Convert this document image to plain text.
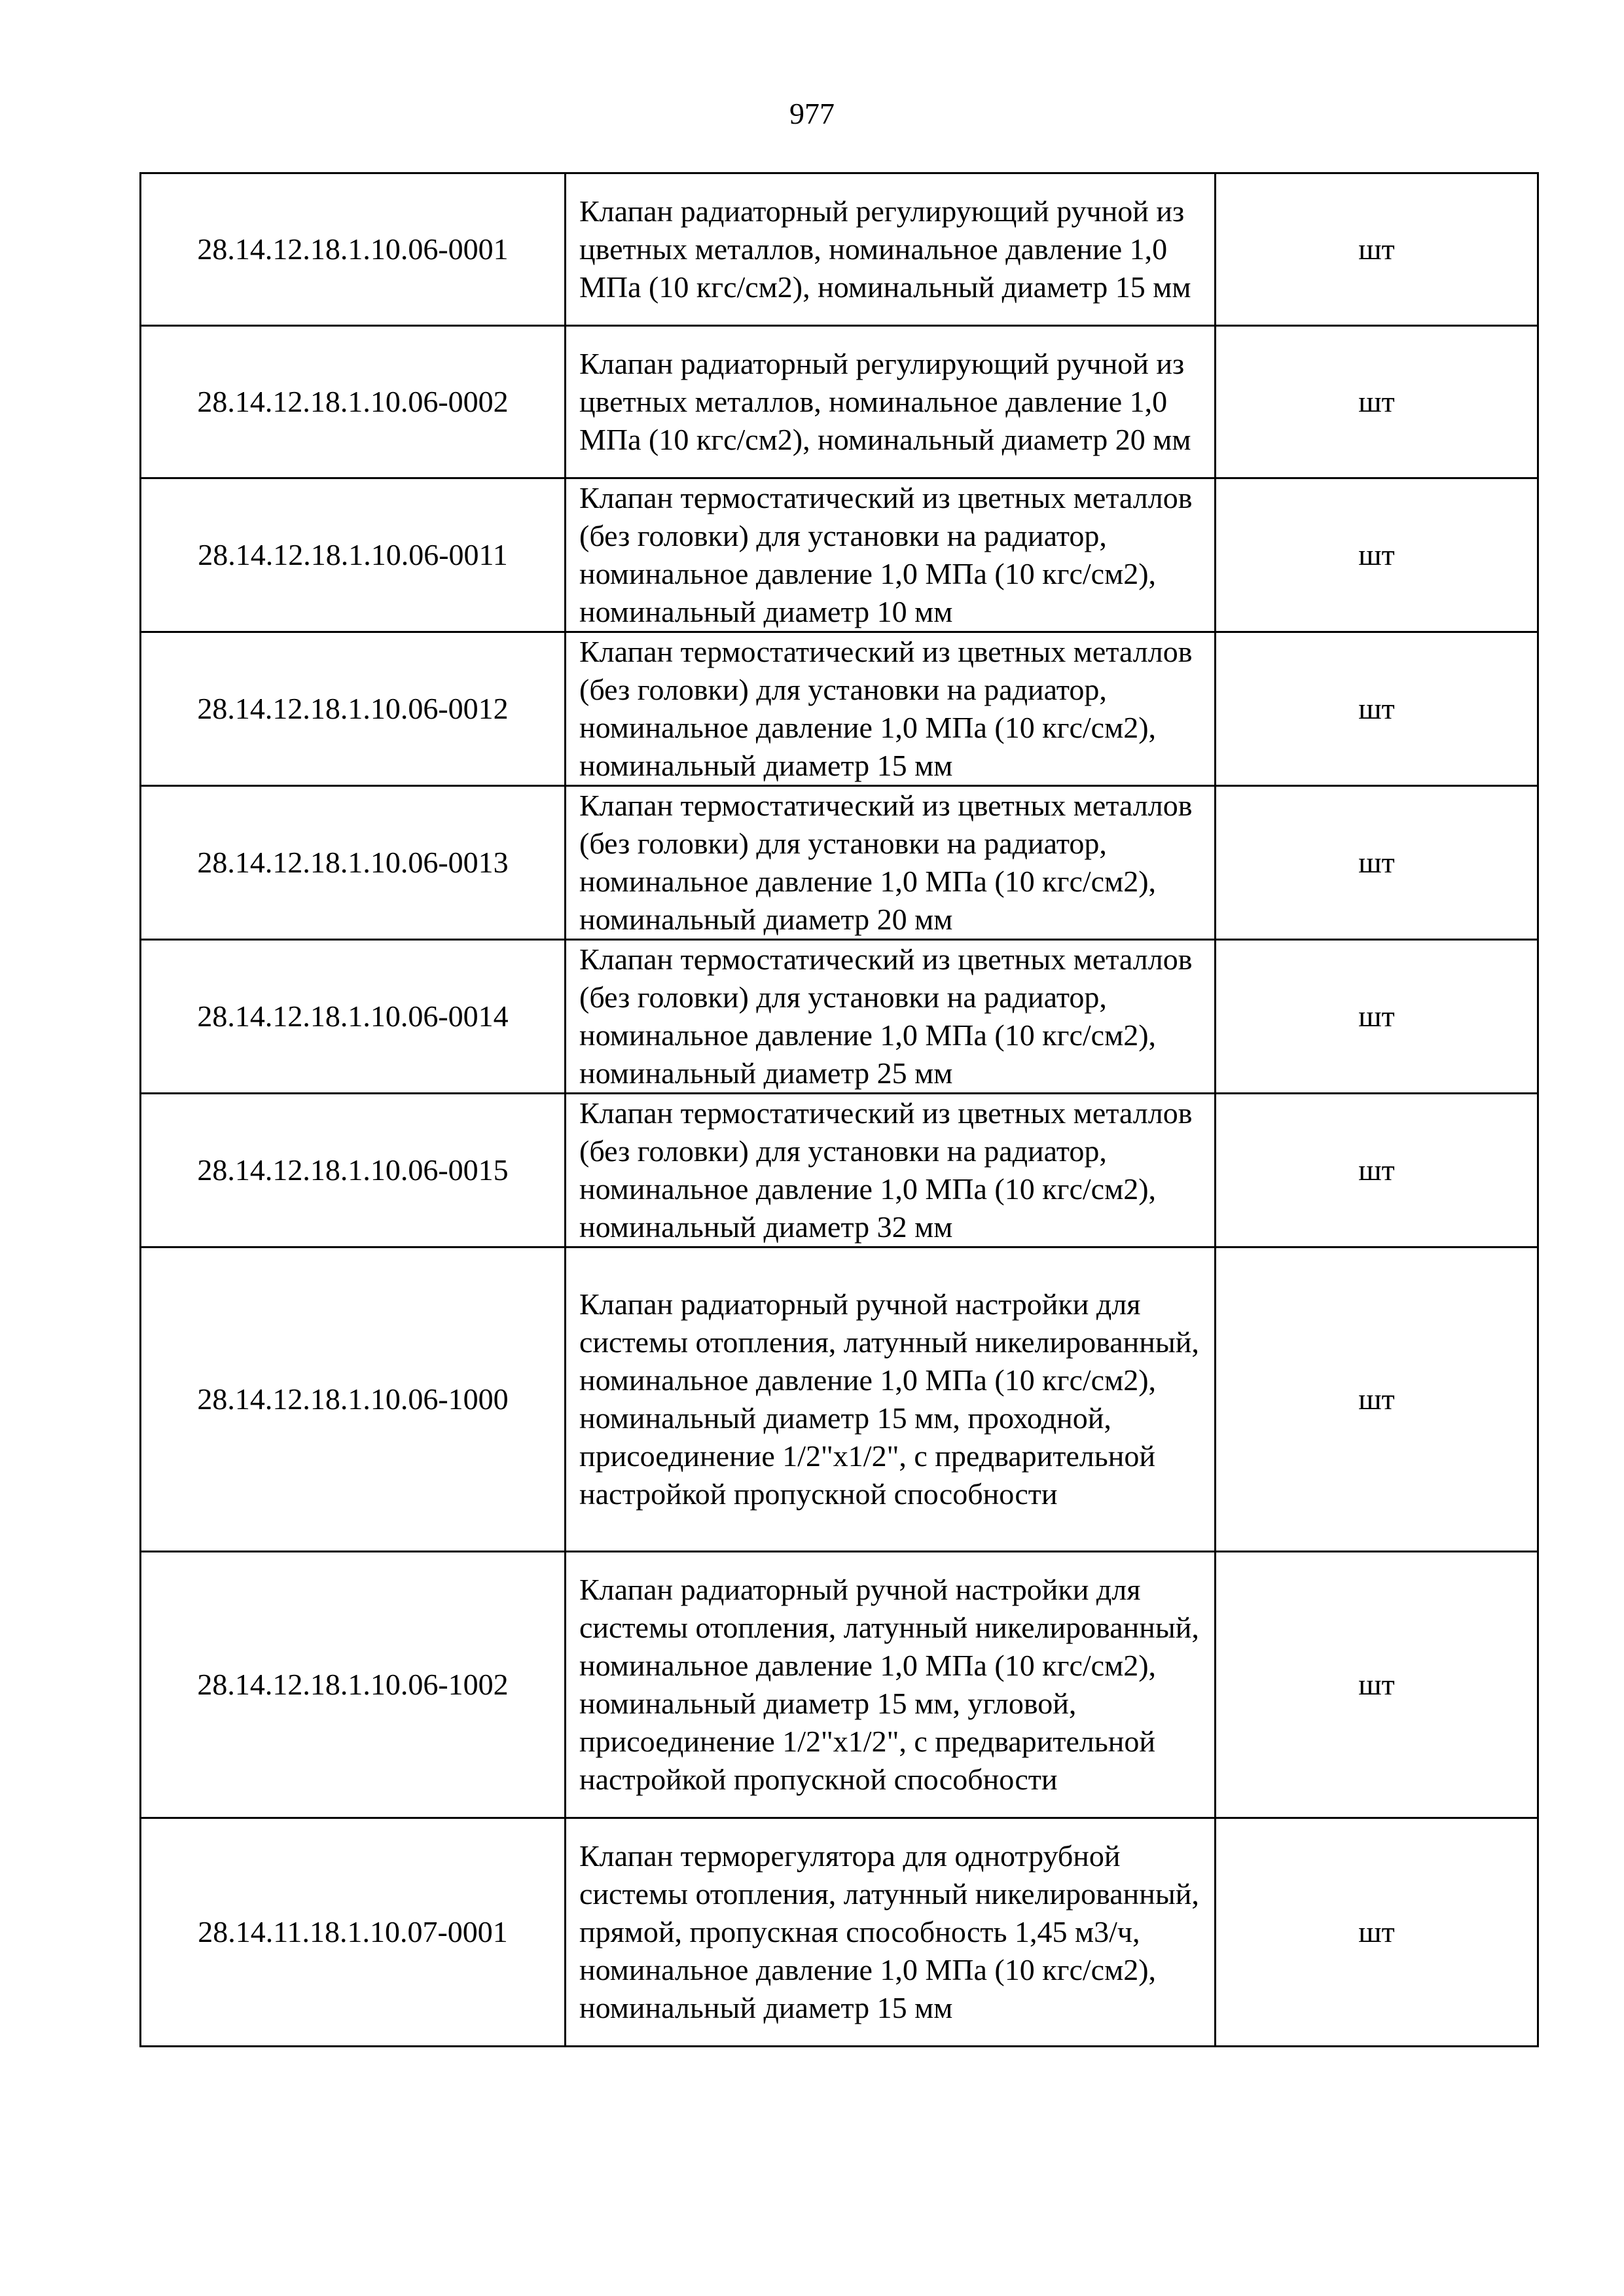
977
28.14.12.18.1.10.06-0001	Клапан радиаторный регулирующий ручной из цветных металлов, номинальное давление 1,0 МПа (10 кгс/см2), номинальный диаметр 15 мм	шт
28.14.12.18.1.10.06-0002	Клапан радиаторный регулирующий ручной из цветных металлов, номинальное давление 1,0 МПа (10 кгс/см2), номинальный диаметр 20 мм	шт
28.14.12.18.1.10.06-0011	Клапан термостатический из цветных металлов (без головки) для установки на радиатор, номинальное давление 1,0 МПа (10 кгс/см2), номинальный диаметр 10 мм	шт
28.14.12.18.1.10.06-0012	Клапан термостатический из цветных металлов (без головки) для установки на радиатор, номинальное давление 1,0 МПа (10 кгс/см2), номинальный диаметр 15 мм	шт
28.14.12.18.1.10.06-0013	Клапан термостатический из цветных металлов (без головки) для установки на радиатор, номинальное давление 1,0 МПа (10 кгс/см2), номинальный диаметр 20 мм	шт
28.14.12.18.1.10.06-0014	Клапан термостатический из цветных металлов (без головки) для установки на радиатор, номинальное давление 1,0 МПа (10 кгс/см2), номинальный диаметр 25 мм	шт
28.14.12.18.1.10.06-0015	Клапан термостатический из цветных металлов (без головки) для установки на радиатор, номинальное давление 1,0 МПа (10 кгс/см2), номинальный диаметр 32 мм	шт
28.14.12.18.1.10.06-1000	Клапан радиаторный ручной настройки для системы отопления, латунный никелированный, номинальное давление 1,0 МПа (10 кгс/см2), номинальный диаметр 15 мм, проходной, присоединение 1/2"х1/2", с предварительной настройкой пропускной способности	шт
28.14.12.18.1.10.06-1002	Клапан радиаторный ручной настройки для системы отопления, латунный никелированный, номинальное давление 1,0 МПа (10 кгс/см2), номинальный диаметр 15 мм, угловой, присоединение 1/2"х1/2", с предварительной настройкой пропускной способности	шт
28.14.11.18.1.10.07-0001	Клапан терморегулятора для однотрубной системы отопления, латунный никелированный, прямой, пропускная способность 1,45 м3/ч, номинальное давление 1,0 МПа (10 кгс/см2), номинальный диаметр 15 мм	шт
